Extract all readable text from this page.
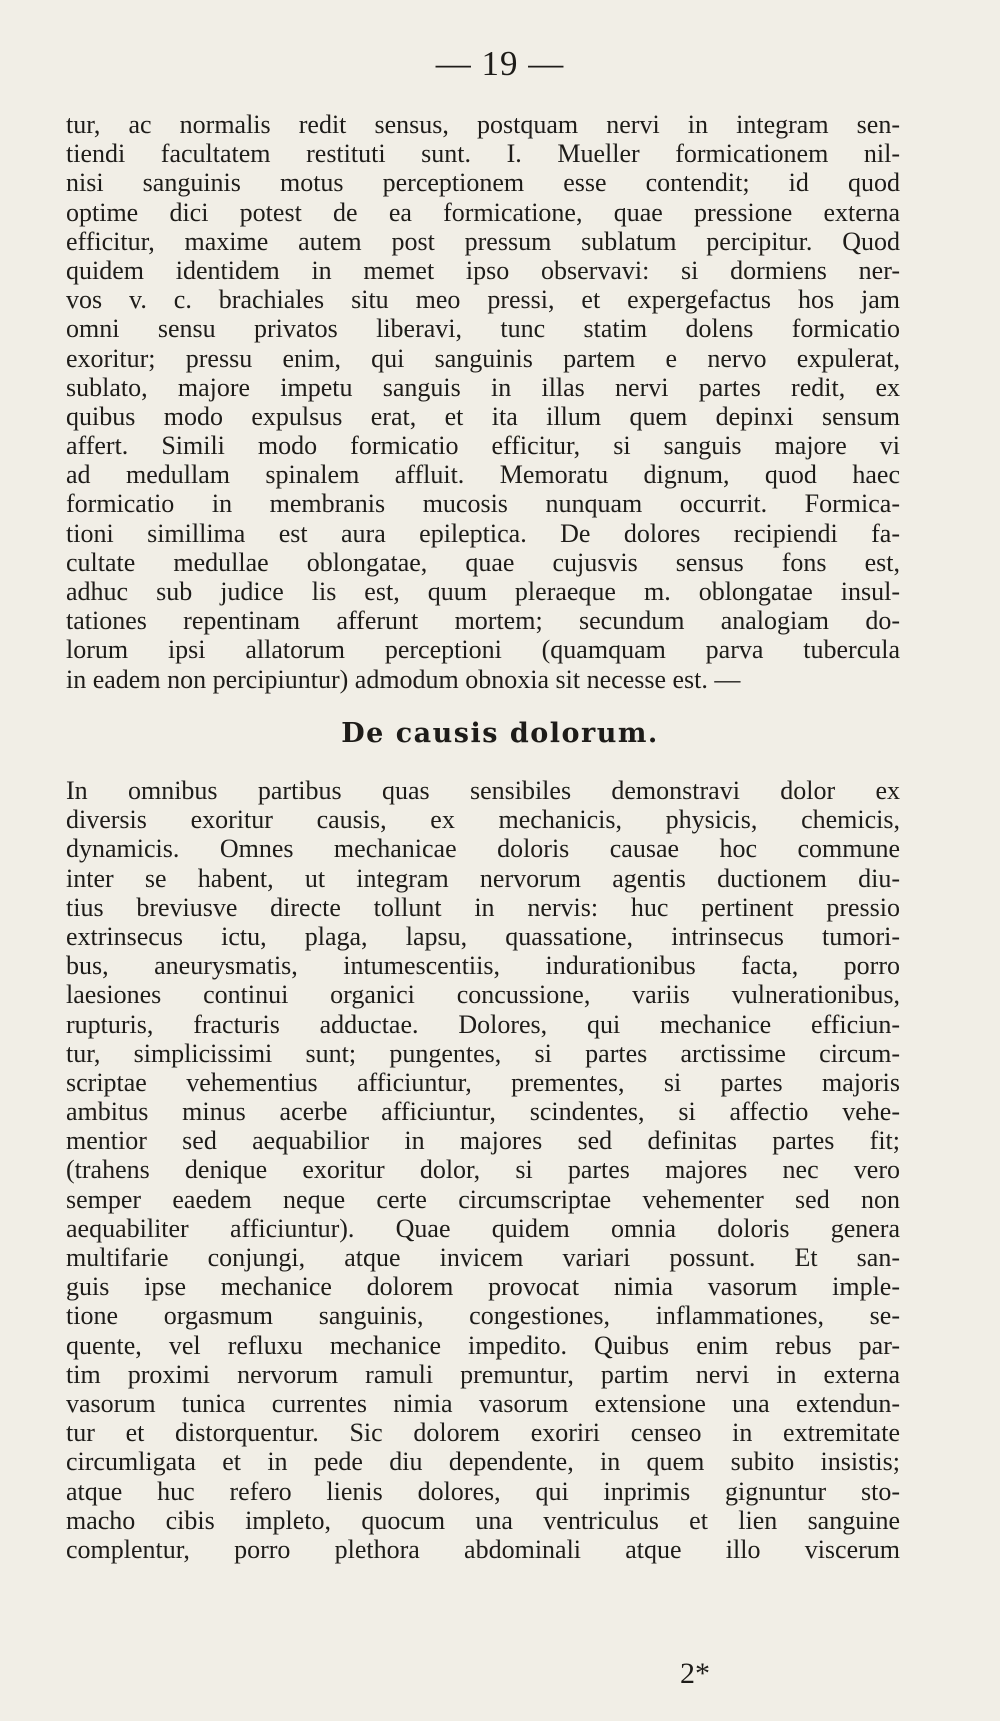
— 19 —
tur, ac normalis redit sensus, postquam nervi in integram sen-
tiendi facultatem restituti sunt. I. Mueller formicationem nil-
nisi sanguinis motus perceptionem esse contendit; id quod
optime dici potest de ea formicatione, quae pressione externa
efficitur, maxime autem post pressum sublatum percipitur. Quod
quidem identidem in memet ipso observavi: si dormiens ner-
vos v. c. brachiales situ meo pressi, et expergefactus hos jam
omni sensu privatos liberavi, tunc statim dolens formicatio
exoritur; pressu enim, qui sanguinis partem e nervo expulerat,
sublato, majore impetu sanguis in illas nervi partes redit, ex
quibus modo expulsus erat, et ita illum quem depinxi sensum
affert. Simili modo formicatio efficitur, si sanguis majore vi
ad medullam spinalem affluit. Memoratu dignum, quod haec
formicatio in membranis mucosis nunquam occurrit. Formica-
tioni simillima est aura epileptica. De dolores recipiendi fa-
cultate medullae oblongatae, quae cujusvis sensus fons est,
adhuc sub judice lis est, quum pleraeque m. oblongatae insul-
tationes repentinam afferunt mortem; secundum analogiam do-
lorum ipsi allatorum perceptioni (quamquam parva tubercula
in eadem non percipiuntur) admodum obnoxia sit necesse est. —
De causis dolorum.
In omnibus partibus quas sensibiles demonstravi dolor ex
diversis exoritur causis, ex mechanicis, physicis, chemicis,
dynamicis. Omnes mechanicae doloris causae hoc commune
inter se habent, ut integram nervorum agentis ductionem diu-
tius breviusve directe tollunt in nervis: huc pertinent pressio
extrinsecus ictu, plaga, lapsu, quassatione, intrinsecus tumori-
bus, aneurysmatis, intumescentiis, indurationibus facta, porro
laesiones continui organici concussione, variis vulnerationibus,
rupturis, fracturis adductae. Dolores, qui mechanice efficiun-
tur, simplicissimi sunt; pungentes, si partes arctissime circum-
scriptae vehementius afficiuntur, prementes, si partes majoris
ambitus minus acerbe afficiuntur, scindentes, si affectio vehe-
mentior sed aequabilior in majores sed definitas partes fit;
(trahens denique exoritur dolor, si partes majores nec vero
semper eaedem neque certe circumscriptae vehementer sed non
aequabiliter afficiuntur). Quae quidem omnia doloris genera
multifarie conjungi, atque invicem variari possunt. Et san-
guis ipse mechanice dolorem provocat nimia vasorum imple-
tione orgasmum sanguinis, congestiones, inflammationes, se-
quente, vel refluxu mechanice impedito. Quibus enim rebus par-
tim proximi nervorum ramuli premuntur, partim nervi in externa
vasorum tunica currentes nimia vasorum extensione una extendun-
tur et distorquentur. Sic dolorem exoriri censeo in extremitate
circumligata et in pede diu dependente, in quem subito insistis;
atque huc refero lienis dolores, qui inprimis gignuntur sto-
macho cibis impleto, quocum una ventriculus et lien sanguine
complentur, porro plethora abdominali atque illo viscerum
2*
